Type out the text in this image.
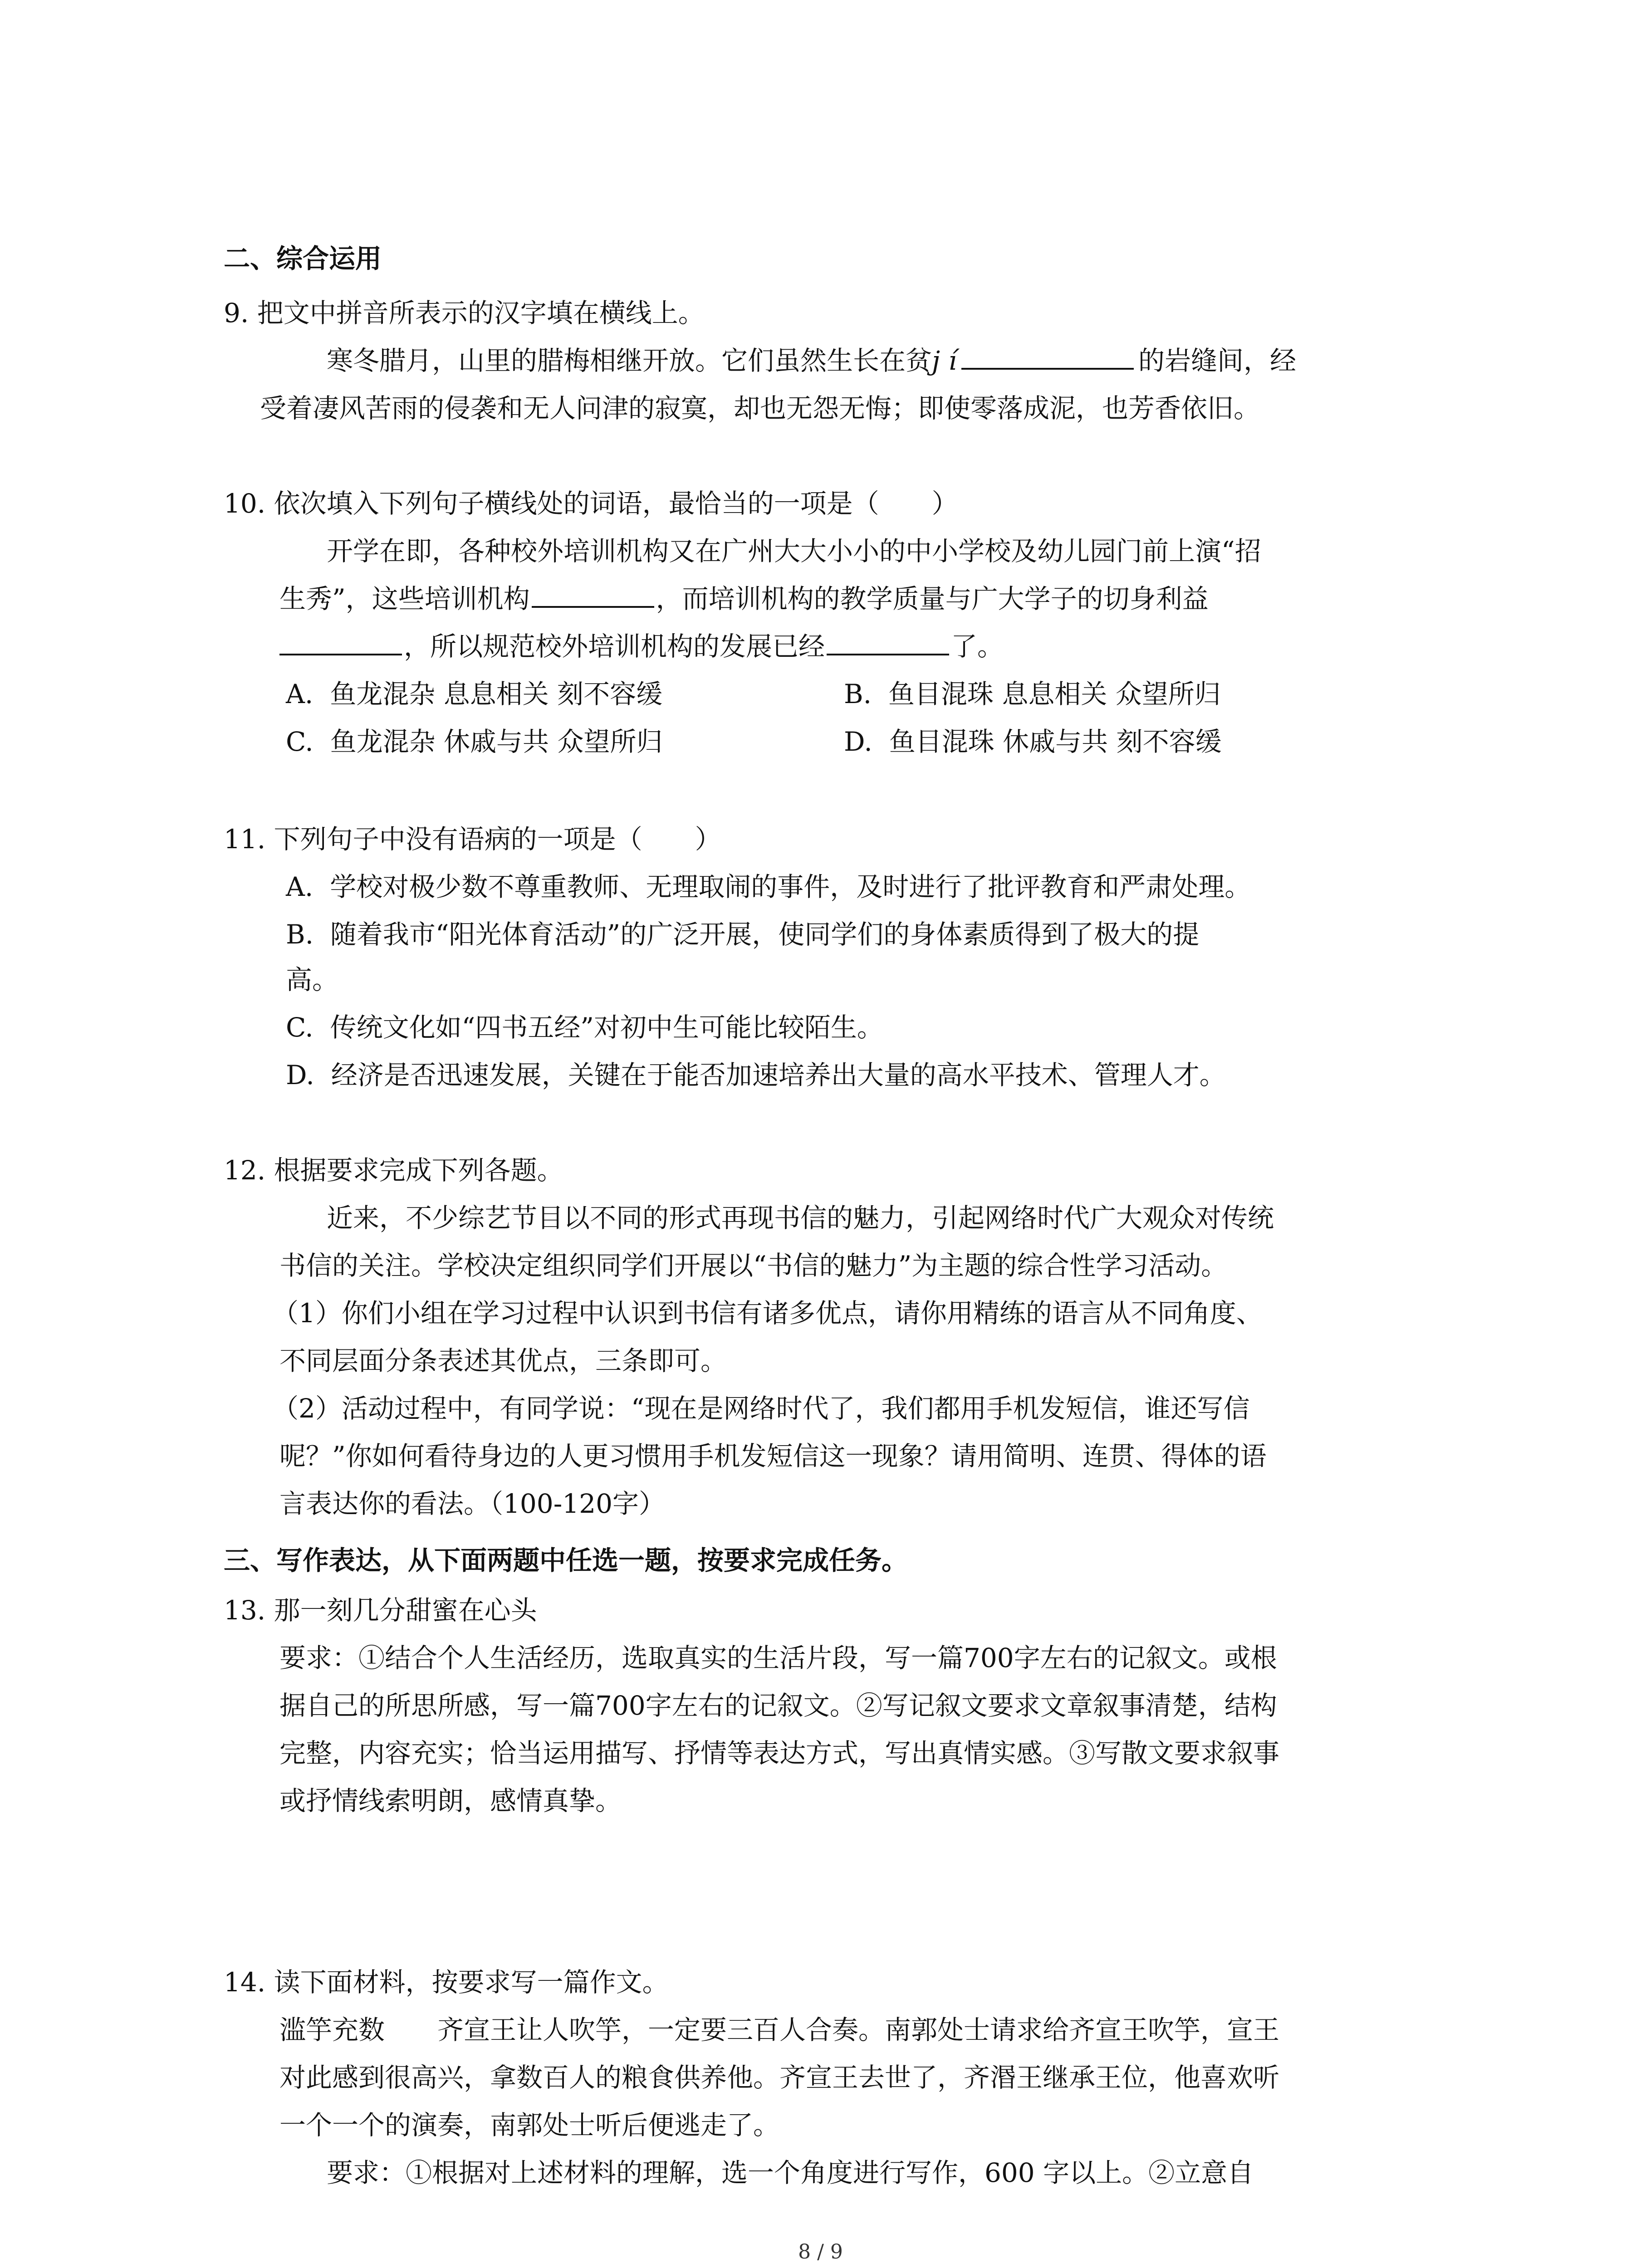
二、综合运用
9. 把文中拼音所表示的汉字填在横线上。
寒冬腊月，山里的腊梅相继开放。它们虽然生长在贫j í	的岩缝间，经
受着凄风苦雨的侵袭和无人问津的寂寞，却也无怨无悔；即使零落成泥，也芳香依旧。
10. 依次填入下列句子横线处的词语，最恰当的一项是（　　）
开学在即，各种校外培训机构又在广州大大小小的中小学校及幼儿园门前上演“招
生秀”，这些培训机构	，而培训机构的教学质量与广大学子的切身利益
，所以规范校外培训机构的发展已经	了。
A.  鱼龙混杂 息息相关 刻不容缓	B.  鱼目混珠 息息相关 众望所归
C.  鱼龙混杂 休戚与共 众望所归	D.  鱼目混珠 休戚与共 刻不容缓
11. 下列句子中没有语病的一项是（　　）
A.  学校对极少数不尊重教师、无理取闹的事件，及时进行了批评教育和严肃处理。
B.  随着我市“阳光体育活动”的广泛开展，使同学们的身体素质得到了极大的提
高。
C.  传统文化如“四书五经”对初中生可能比较陌生。
D.  经济是否迅速发展，关键在于能否加速培养出大量的高水平技术、管理人才。
12. 根据要求完成下列各题。
近来，不少综艺节目以不同的形式再现书信的魅力，引起网络时代广大观众对传统
书信的关注。学校决定组织同学们开展以“书信的魅力”为主题的综合性学习活动。
（1）你们小组在学习过程中认识到书信有诸多优点，请你用精练的语言从不同角度、
不同层面分条表述其优点，三条即可。
（2）活动过程中，有同学说：“现在是网络时代了，我们都用手机发短信，谁还写信
呢？”你如何看待身边的人更习惯用手机发短信这一现象？请用简明、连贯、得体的语
言表达你的看法。（100-120字）
三、写作表达，从下面两题中任选一题，按要求完成任务。
13. 那一刻几分甜蜜在心头
要求：①结合个人生活经历，选取真实的生活片段，写一篇700字左右的记叙文。或根
据自己的所思所感，写一篇700字左右的记叙文。②写记叙文要求文章叙事清楚，结构
完整，内容充实；恰当运用描写、抒情等表达方式，写出真情实感。③写散文要求叙事
或抒情线索明朗，感情真挚。
14. 读下面材料，按要求写一篇作文。
滥竽充数　　齐宣王让人吹竽，一定要三百人合奏。南郭处士请求给齐宣王吹竽，宣王
对此感到很高兴，拿数百人的粮食供养他。齐宣王去世了，齐湣王继承王位，他喜欢听
一个一个的演奏，南郭处士听后便逃走了。
要求：①根据对上述材料的理解，选一个角度进行写作，600 字以上。②立意自
8 / 9
